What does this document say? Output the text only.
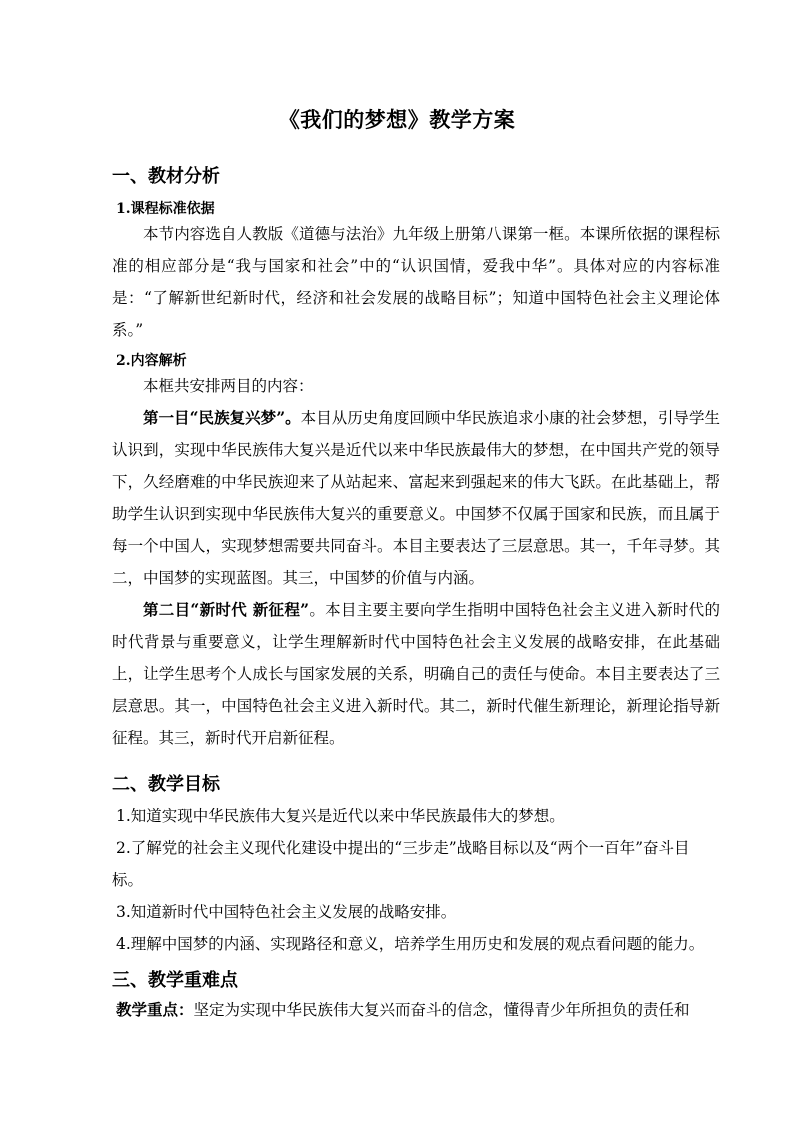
《我们的梦想》教学方案
一、教材分析
1.课程标准依据
本节内容选自人教版《道德与法治》九年级上册第八课第一框。本课所依据的课程标准的相应部分是“我与国家和社会”中的“认识国情，爱我中华”。具体对应的内容标准是：“了解新世纪新时代，经济和社会发展的战略目标”；知道中国特色社会主义理论体系。”
2.内容解析
本框共安排两目的内容：
第一目“民族复兴梦”。本目从历史角度回顾中华民族追求小康的社会梦想，引导学生认识到，实现中华民族伟大复兴是近代以来中华民族最伟大的梦想，在中国共产党的领导下，久经磨难的中华民族迎来了从站起来、富起来到强起来的伟大飞跃。在此基础上，帮助学生认识到实现中华民族伟大复兴的重要意义。中国梦不仅属于国家和民族，而且属于每一个中国人，实现梦想需要共同奋斗。本目主要表达了三层意思。其一，千年寻梦。其二，中国梦的实现蓝图。其三，中国梦的价值与内涵。
第二目“新时代 新征程”。本目主要主要向学生指明中国特色社会主义进入新时代的时代背景与重要意义，让学生理解新时代中国特色社会主义发展的战略安排，在此基础上，让学生思考个人成长与国家发展的关系，明确自己的责任与使命。本目主要表达了三层意思。其一，中国特色社会主义进入新时代。其二，新时代催生新理论，新理论指导新征程。其三，新时代开启新征程。
二、教学目标
1.知道实现中华民族伟大复兴是近代以来中华民族最伟大的梦想。
2.了解党的社会主义现代化建设中提出的“三步走”战略目标以及“两个一百年”奋斗目标。
3.知道新时代中国特色社会主义发展的战略安排。
4.理解中国梦的内涵、实现路径和意义，培养学生用历史和发展的观点看问题的能力。
三、教学重难点
教学重点：坚定为实现中华民族伟大复兴而奋斗的信念，懂得青少年所担负的责任和
